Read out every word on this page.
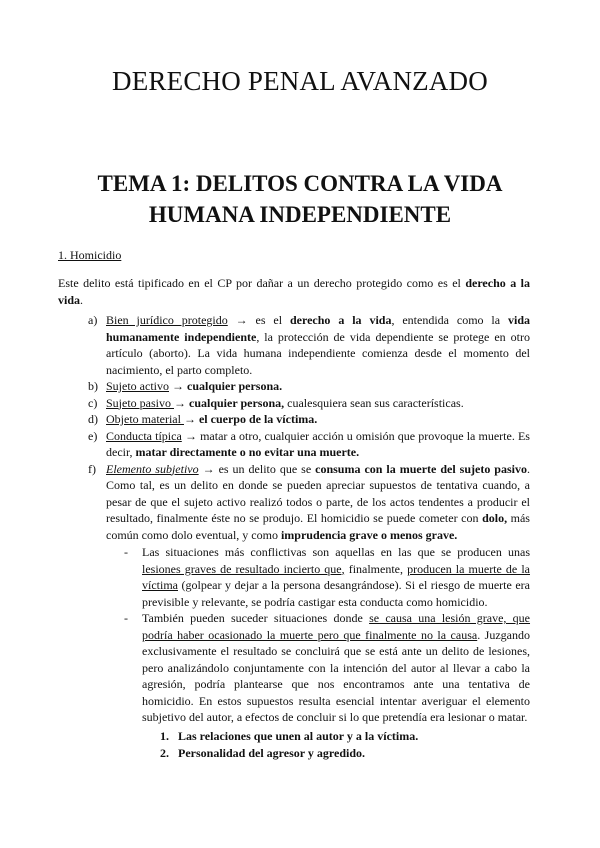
DERECHO PENAL AVANZADO
TEMA 1: DELITOS CONTRA LA VIDA
HUMANA INDEPENDIENTE
1. Homicidio

Este delito está tipificado en el CP por dañar a un derecho protegido como es el derecho a la vida.

a) Bien jurídico protegido → es el derecho a la vida, entendida como la vida humanamente independiente, la protección de vida dependiente se protege en otro artículo (aborto). La vida humana independiente comienza desde el momento del nacimiento, el parto completo.
b) Sujeto activo → cualquier persona.
c) Sujeto pasivo → cualquier persona, cualesquiera sean sus características.
d) Objeto material → el cuerpo de la víctima.
e) Conducta típica → matar a otro, cualquier acción u omisión que provoque la muerte. Es decir, matar directamente o no evitar una muerte.
f) Elemento subjetivo → es un delito que se consuma con la muerte del sujeto pasivo. Como tal, es un delito en donde se pueden apreciar supuestos de tentativa cuando, a pesar de que el sujeto activo realizó todos o parte, de los actos tendentes a producir el resultado, finalmente éste no se produjo. El homicidio se puede cometer con dolo, más común como dolo eventual, y como imprudencia grave o menos grave.
- Las situaciones más conflictivas son aquellas en las que se producen unas lesiones graves de resultado incierto que, finalmente, producen la muerte de la víctima (golpear y dejar a la persona desangrándose). Si el riesgo de muerte era previsible y relevante, se podría castigar esta conducta como homicidio.
- También pueden suceder situaciones donde se causa una lesión grave, que podría haber ocasionado la muerte pero que finalmente no la causa. Juzgando exclusivamente el resultado se concluirá que se está ante un delito de lesiones, pero analizándolo conjuntamente con la intención del autor al llevar a cabo la agresión, podría plantearse que nos encontramos ante una tentativa de homicidio. En estos supuestos resulta esencial intentar averiguar el elemento subjetivo del autor, a efectos de concluir si lo que pretendía era lesionar o matar.
1. Las relaciones que unen al autor y a la víctima.
2. Personalidad del agresor y agredido.
